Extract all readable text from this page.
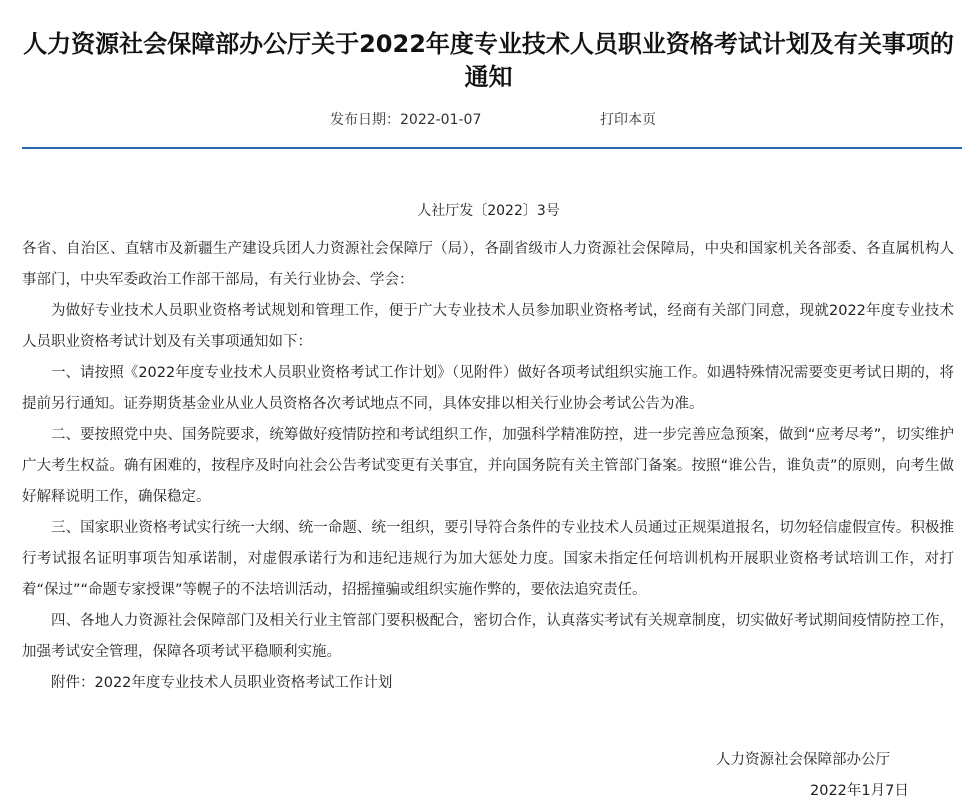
人力资源社会保障部办公厅关于2022年度专业技术人员职业资格考试计划及有关事项的通知
发布日期：2022-01-07	打印本页
人社厅发〔2022〕3号

各省、自治区、直辖市及新疆生产建设兵团人力资源社会保障厅（局），各副省级市人力资源社会保障局，中央和国家机关各部委、各直属机构人事部门，中央军委政治工作部干部局，有关行业协会、学会：

为做好专业技术人员职业资格考试规划和管理工作，便于广大专业技术人员参加职业资格考试，经商有关部门同意，现就2022年度专业技术人员职业资格考试计划及有关事项通知如下：

一、请按照《2022年度专业技术人员职业资格考试工作计划》（见附件）做好各项考试组织实施工作。如遇特殊情况需要变更考试日期的，将提前另行通知。证券期货基金业从业人员资格各次考试地点不同，具体安排以相关行业协会考试公告为准。

二、要按照党中央、国务院要求，统筹做好疫情防控和考试组织工作，加强科学精准防控，进一步完善应急预案，做到“应考尽考”，切实维护广大考生权益。确有困难的，按程序及时向社会公告考试变更有关事宜，并向国务院有关主管部门备案。按照“谁公告，谁负责”的原则，向考生做好解释说明工作，确保稳定。

三、国家职业资格考试实行统一大纲、统一命题、统一组织，要引导符合条件的专业技术人员通过正规渠道报名，切勿轻信虚假宣传。积极推行考试报名证明事项告知承诺制，对虚假承诺行为和违纪违规行为加大惩处力度。国家未指定任何培训机构开展职业资格考试培训工作，对打着“保过”“命题专家授课”等幌子的不法培训活动，招摇撞骗或组织实施作弊的，要依法追究责任。

四、各地人力资源社会保障部门及相关行业主管部门要积极配合，密切合作，认真落实考试有关规章制度，切实做好考试期间疫情防控工作，加强考试安全管理，保障各项考试平稳顺利实施。

附件：2022年度专业技术人员职业资格考试工作计划

人力资源社会保障部办公厅
2022年1月7日
